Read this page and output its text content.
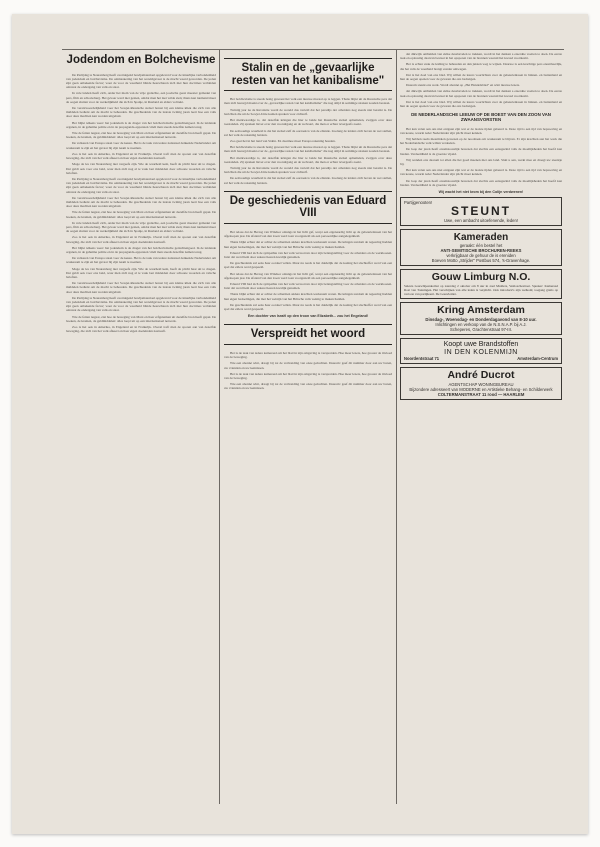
Jodendom en Bolchevisme

De Partijdag te Neurenberg heeft overtuigend bewijsmateriaal opgeleverd voor de innerlijke verbondenheid van jodendom en bolchevisme. De ontmaskering van het wereldgevaar is de macht waard geworden. De joden zijn geen onbekende factor; waar de voor de waarheid blinde heerscharen zich met hun doctrines verbinden ontstaat de ondergang van volk en staat.

In vele landen heeft zich, onder het mom van de vrije gedachte, een joodsche geest meester gemaakt van pers, film en schouwburg. Het gevaar werd niet gezien, omdat men het niet wilde zien; thans kan niemand meer de oogen sluiten voor de werkelijkheid die zich in Spanje, in Rusland en elders voltrekt.

De verantwoordelijkheid voor het Sowjet-Russische stelsel berust bij een kleine kliek die zich van alle middelen bedient om de macht te behouden. De geschiedenis van de laatste twintig jaren leert hoe een volk door deze machten kan worden uitgebuit.

Het blijkt telkens weer: het jodendom is de drager van het bolchevistische gedachtengoed. In de leidende organen, in de geheime politie en in de propaganda-apparaten vindt men steeds dezelfde namen terug.

Wie de feiten nagaat, ziet hoe de beweging van Marx en haar erfgenamen uit dezelfde bron heeft geput. De boeken, de kranten, de geldmiddelen: alles loopt uit op een internationaal netwerk.

De volkeren van Europa staan voor de keuze. Het is de taak van iedere nationaal denkende Nederlander om waakzaam te zijn en het gevaar bij zijn naam te noemen.

Zoo is het ook in Amerika, in Engeland en in Frankrijk. Overal treft men de sporen aan van dezelfde beweging, die zich van het volk afkeert en haar eigen doeleinden nastreeft.

Moge de les van Neurenberg niet vergeefs zijn. Wie de waarheid kent, heeft de plicht haar uit te dragen. Dat geldt ook voor ons land, waar men zich nog al te vaak laat misleiden door schoone woorden en valsche beloften.

De Partijdag te Neurenberg heeft overtuigend bewijsmateriaal opgeleverd voor de innerlijke verbondenheid van jodendom en bolchevisme. De ontmaskering van het wereldgevaar is de macht waard geworden. De joden zijn geen onbekende factor; waar de voor de waarheid blinde heerscharen zich met hun doctrines verbinden ontstaat de ondergang van volk en staat.

De verantwoordelijkheid voor het Sowjet-Russische stelsel berust bij een kleine kliek die zich van alle middelen bedient om de macht te behouden. De geschiedenis van de laatste twintig jaren leert hoe een volk door deze machten kan worden uitgebuit.

Wie de feiten nagaat, ziet hoe de beweging van Marx en haar erfgenamen uit dezelfde bron heeft geput. De boeken, de kranten, de geldmiddelen: alles loopt uit op een internationaal netwerk.

In vele landen heeft zich, onder het mom van de vrije gedachte, een joodsche geest meester gemaakt van pers, film en schouwburg. Het gevaar werd niet gezien, omdat men het niet wilde zien; thans kan niemand meer de oogen sluiten voor de werkelijkheid die zich in Spanje, in Rusland en elders voltrekt.

Zoo is het ook in Amerika, in Engeland en in Frankrijk. Overal treft men de sporen aan van dezelfde beweging, die zich van het volk afkeert en haar eigen doeleinden nastreeft.

Het blijkt telkens weer: het jodendom is de drager van het bolchevistische gedachtengoed. In de leidende organen, in de geheime politie en in de propaganda-apparaten vindt men steeds dezelfde namen terug.

De volkeren van Europa staan voor de keuze. Het is de taak van iedere nationaal denkende Nederlander om waakzaam te zijn en het gevaar bij zijn naam te noemen.

Moge de les van Neurenberg niet vergeefs zijn. Wie de waarheid kent, heeft de plicht haar uit te dragen. Dat geldt ook voor ons land, waar men zich nog al te vaak laat misleiden door schoone woorden en valsche beloften.

De verantwoordelijkheid voor het Sowjet-Russische stelsel berust bij een kleine kliek die zich van alle middelen bedient om de macht te behouden. De geschiedenis van de laatste twintig jaren leert hoe een volk door deze machten kan worden uitgebuit.

De Partijdag te Neurenberg heeft overtuigend bewijsmateriaal opgeleverd voor de innerlijke verbondenheid van jodendom en bolchevisme. De ontmaskering van het wereldgevaar is de macht waard geworden. De joden zijn geen onbekende factor; waar de voor de waarheid blinde heerscharen zich met hun doctrines verbinden ontstaat de ondergang van volk en staat.

Wie de feiten nagaat, ziet hoe de beweging van Marx en haar erfgenamen uit dezelfde bron heeft geput. De boeken, de kranten, de geldmiddelen: alles loopt uit op een internationaal netwerk.

Zoo is het ook in Amerika, in Engeland en in Frankrijk. Overal treft men de sporen aan van dezelfde beweging, die zich van het volk afkeert en haar eigen doeleinden nastreeft.

Stalin en de „gevaarlijke resten van het kanibalisme"

Het bolchevisme is steeds bezig geweest het volk een nieuwe moraal op te leggen. Thans blijkt uit de Russische pers dat men zich bezorgd maakt over de „gevaarlijke resten van het kanibalisme" die nog altijd in sommige streken zouden bestaan.

Twintig jaar na de Revolutie wordt de wereld dus verteld dat het paradijs der arbeiders nog steeds niet bereikt is. De berichten die uit de Sowjet-Unie komen spreken voor zichzelf.

Het merkwaardige is, dat dezelfde kringen die hier te lande het Russische stelsel ophemelen, zwijgen over deze toestanden. Zij spreken liever over den vooruitgang en de welvaart, die men er echter tevergeefs zoekt.

De eenvoudige waarheid is dat het stelsel zelf de oorzaak is van de ellende. Zoolang de leiders zich boven de wet stellen, zal het volk de rekening betalen.

Zoo gaat het in het land van Stalin. En daarmee moet Europa rekening houden.

Het bolchevisme is steeds bezig geweest het volk een nieuwe moraal op te leggen. Thans blijkt uit de Russische pers dat men zich bezorgd maakt over de „gevaarlijke resten van het kanibalisme" die nog altijd in sommige streken zouden bestaan.

Het merkwaardige is, dat dezelfde kringen die hier te lande het Russische stelsel ophemelen, zwijgen over deze toestanden. Zij spreken liever over den vooruitgang en de welvaart, die men er echter tevergeefs zoekt.

Twintig jaar na de Revolutie wordt de wereld dus verteld dat het paradijs der arbeiders nog steeds niet bereikt is. De berichten die uit de Sowjet-Unie komen spreken voor zichzelf.

De eenvoudige waarheid is dat het stelsel zelf de oorzaak is van de ellende. Zoolang de leiders zich boven de wet stellen, zal het volk de rekening betalen.

De geschiedenis van Eduard VIII

Het relaas dat de Hertog van Windsor onlangs in het licht gaf, werpt een eigenaardig licht op de gebeurtenissen van het afgeloopen jaar. De afstand van den troon werd toen voorgesteld als een persoonlijke aangelegenheid.

Thans blijkt echter dat er achter de schermen andere krachten werkzaam waren. De kringen rondom de regeering hadden hun eigen bedoelingen, die met het welzijn van het Britsche volk weinig te maken hadden.

Eduard VIII had zich de sympathie van het volk verworven door zijn belangstelling voor de arbeiders en de werkloozen. Juist dat werd hem door zekere heeren kwalijk genomen.

De geschiedenis zal eens haar oordeel vellen. Maar nu reeds is het duidelijk dat de koning het slachtoffer werd van een spel dat elders werd gespeeld.

Het relaas dat de Hertog van Windsor onlangs in het licht gaf, werpt een eigenaardig licht op de gebeurtenissen van het afgeloopen jaar. De afstand van den troon werd toen voorgesteld als een persoonlijke aangelegenheid.

Eduard VIII had zich de sympathie van het volk verworven door zijn belangstelling voor de arbeiders en de werkloozen. Juist dat werd hem door zekere heeren kwalijk genomen.

Thans blijkt echter dat er achter de schermen andere krachten werkzaam waren. De kringen rondom de regeering hadden hun eigen bedoelingen, die met het welzijn van het Britsche volk weinig te maken hadden.

De geschiedenis zal eens haar oordeel vellen. Maar nu reeds is het duidelijk dat de koning het slachtoffer werd van een spel dat elders werd gespeeld.

Een dochter van Israël op den troon van Elizabeth... zou het Engeland!
Verspreidt het woord

Het is de taak van iedere kameraad om het blad in zijn omgeving te verspreiden. Hoe meer lezers, hoe grooter de invloed van de beweging.

Wie een abonné wint, draagt bij tot de verbreiding van onze gedachten. Daarom: geef dit nummer door aan uw buren, uw vrienden en uw kennissen.

Het is de taak van iedere kameraad om het blad in zijn omgeving te verspreiden. Hoe meer lezers, hoe grooter de invloed van de beweging.

Wie een abonné wint, draagt bij tot de verbreiding van onze gedachten. Daarom: geef dit nummer door aan uw buren, uw vrienden en uw kennissen.

dat dikwijls onthulden van zulke dessbevelen te trekken, wordt in het denken a eteerdne voetten te doen. De eerste taak en oplossing daarvan bestaat in het opsporen van de bronnen waaruit het kwaad voortkomt.

Het is echter zaak de leiding te behouden en den juisten weg te wijzen. Daartoe is een krachtige pers onontbeerlijk, die het volk de waarheid brengt zonder omwegen.

Dat is het doel van ons blad. Wij willen de lezers voorlichten over de gebeurtenissen in binnen- en buitenland en hun de oogen openen voor de gevaren die ons bedreigen.

Daarom steunt ons werk. Wordt abonné op „Het Handelsblad" en wint nieuwe lezers.

dat dikwijls onthulden van zulke dessbevelen te trekken, wordt in het denken a eteerdne voetten te doen. De eerste taak en oplossing daarvan bestaat in het opsporen van de bronnen waaruit het kwaad voortkomt.

Dat is het doel van ons blad. Wij willen de lezers voorlichten over de gebeurtenissen in binnen- en buitenland en hun de oogen openen voor de gevaren die ons bedreigen.

DE NEDERLANDSCHE LEEUW OF DE BOEST VAN DEN ZOON VAN ZWAANSVORSTEN

Het kan velen aan ons niet ontgaan zijn wat er de laatste tijden gebeurd is. Deze tijd is een tijd van beproeving en van keuze, waarin ieder Nederlander zijn plicht moet kennen.

Wij hebben reeds meermalen gewezen op de noodzaak om waakzaam te blijven. Er zijn krachten aan het werk die het Nederlandsche volk willen verdeelen.

De loop der jaren heeft onomstootelijk bewezen dat slechts een eensgezind volk de moeilijkheden het hoofd kan bieden. Verdeeldheid is de grootste vijand.

Wij wenden ons daarom tot allen die het goed meenen met ons land. Sluit u aan, werkt mee en draagt uw steentje bij.

Het kan velen aan ons niet ontgaan zijn wat er de laatste tijden gebeurd is. Deze tijd is een tijd van beproeving en van keuze, waarin ieder Nederlander zijn plicht moet kennen.

De loop der jaren heeft onomstootelijk bewezen dat slechts een eensgezind volk de moeilijkheden het hoofd kan bieden. Verdeeldheid is de grootste vijand.

Wij wacht het niet krom bij den Colijn verdwenen!
Partijgenooten!
STEUNT
Uwe, een ambacht uitoefenende, leden!
Kameraden
geraakt: één bestel het
ANTI-SEMITISCHE BROCHUREN-REEKS
verkrijgbaar de gehuur de is ereniden
Boeven Motto „Strijder" Postbus 574, 's-Gravenhage.
Gouw Limburg N.O.
Salesta Gouwbijeenkomst op zaterdag 2 oktober om 8 uur in zaal Mulders, Venloschestraat. Spreker: Kameraad Rost van Tonningen. Het verschijnen van alle leden is verplicht. Ook introducé's zijn welkom; toegang gratis op vertoon van partijkaart. De Gouwleider.
Kring Amsterdam
Dinsdag-, Woensdag- en Donderdagavond van 8-10 uur.
Inlichtingen en verkoop van de N.S.N.A.P. bij A.J.
Scheperes, Grachtenstraat 97-III.
Koopt uwe Brandstoffen
IN DEN KOLENMIJN
Noordentstraat 71	Amsterdam-Centrum
André Ducrot
AGENTSCHAP WONINGBUREAU
Bijzondere adresseert van MODERNE en Artistieke Behang- en Schilderwerk
COLTERMANSTRAAT 11 rood — HAARLEM
